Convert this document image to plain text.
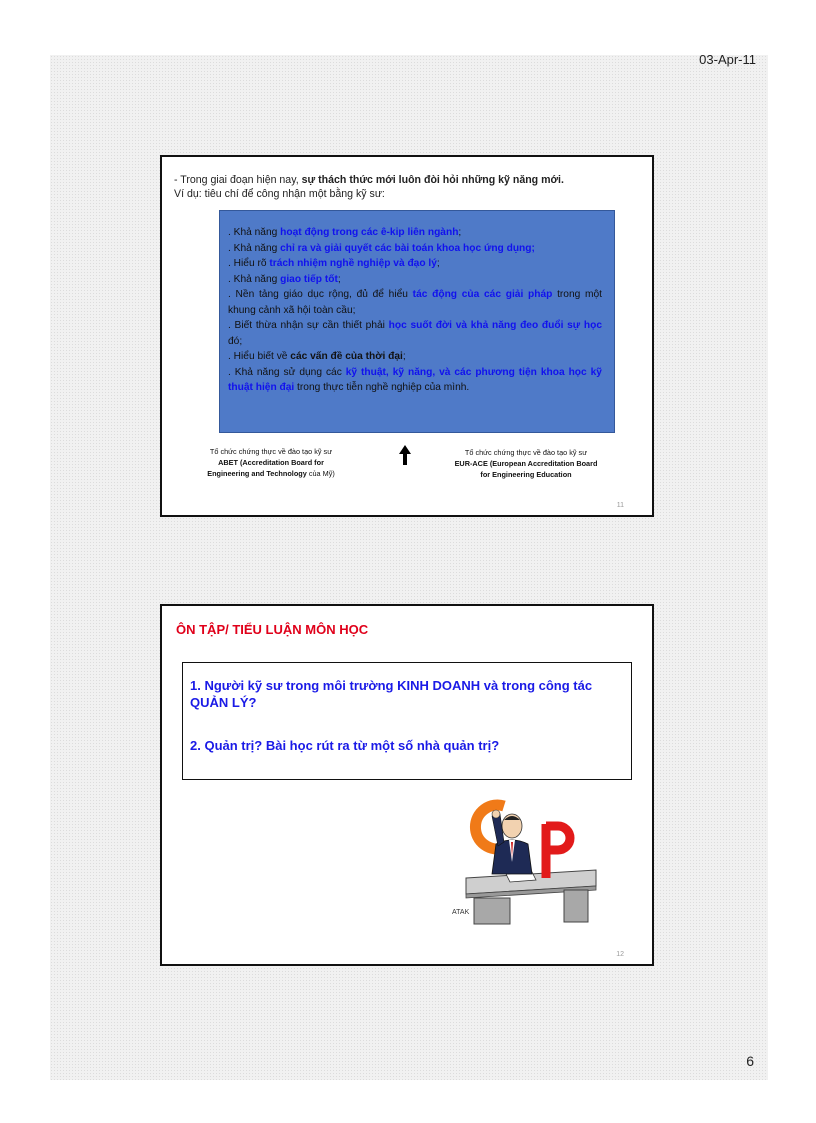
03-Apr-11
6
- Trong giai đoạn hiện nay, sự thách thức mới luôn đòi hỏi những kỹ năng mới.
Ví dụ: tiêu chí để công nhận một bằng kỹ sư:
. Khả năng hoạt động trong các ê-kip liên ngành;
. Khả năng chỉ ra và giải quyết các bài toán khoa học ứng dụng;
. Hiểu rõ trách nhiệm nghề nghiệp và đạo lý;
. Khả năng giao tiếp tốt;
. Nền tảng giáo dục rộng, đủ để hiểu tác động của các giải pháp trong một khung cảnh xã hội toàn cầu;
. Biết thừa nhận sự cần thiết phải học suốt đời và khả năng đeo đuổi sự học đó;
. Hiểu biết về các vấn đề của thời đại;
. Khả năng sử dụng các kỹ thuật, kỹ năng, và các phương tiện khoa học kỹ thuật hiện đại trong thực tiễn nghề nghiệp của mình.
Tổ chức chứng thực về đào tạo kỹ sư
ABET (Accreditation Board for
Engineering and Technology của Mỹ)
Tổ chức chứng thực về đào tạo kỹ sư
EUR-ACE (European Accreditation Board
for Engineering Education
11
ÔN TẬP/ TIỂU LUẬN MÔN HỌC
1. Người kỹ sư trong môi trường KINH DOANH và trong công tác QUẢN LÝ?
2. Quản trị? Bài học rút ra từ một số nhà quản trị?
ATAK
12
